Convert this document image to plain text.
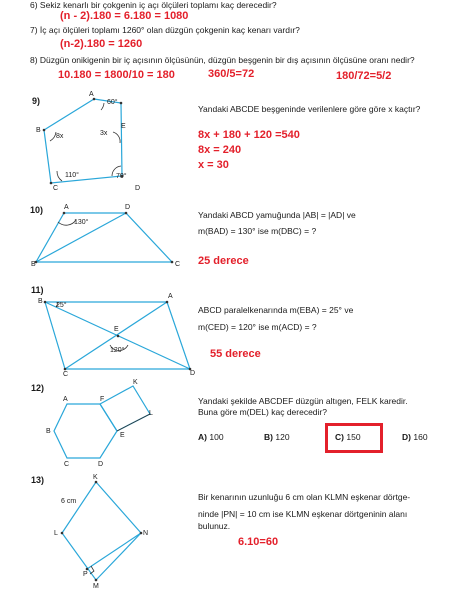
6) Sekiz kenarlı bir çokgenin iç açı ölçüleri toplamı kaç derecedir?
(n - 2).180 = 6.180 = 1080
7) İç açı ölçüleri toplamı 1260° olan düzgün çokgenin kaç kenarı vardır?
(n-2).180 = 1260
8) Düzgün onikigenin bir iç açısının ölçüsünün, düzgün beşgenin bir dış açısının ölçüsüne oranı nedir?
10.180 = 1800/10 = 180	360/5=72	180/72=5/2
9)
A
60°
B
8x	3x
E
110°	70°
C	D
Yandaki ABCDE beşgeninde verilenlere göre göre x kaçtır?
8x + 180 + 120 =540
8x = 240
x = 30
10)	A	D
130°
B	C
Yandaki ABCD yamuğunda |AB| = |AD| ve
m(BAD) = 130° ise m(DBC) = ?
25 derece
11)
B
25°
A
E
120°
C	D
ABCD paralelkenarında m(EBA) = 25° ve
m(CED) = 120° ise m(ACD) = ?
55 derece
12)
A	F
K
L
B
E
C	D
Yandaki şekilde ABCDEF düzgün altıgen, FELK karedir.
Buna göre m(DEL) kaç derecedir?
A) 100	B) 120	C) 150	D) 160
13)	K
6 cm
L	N
P
M
Bir kenarının uzunluğu 6 cm olan KLMN eşkenar dörtge-
ninde |PN| = 10 cm ise KLMN eşkenar dörtgeninin alanı
bulunuz.
6.10=60
